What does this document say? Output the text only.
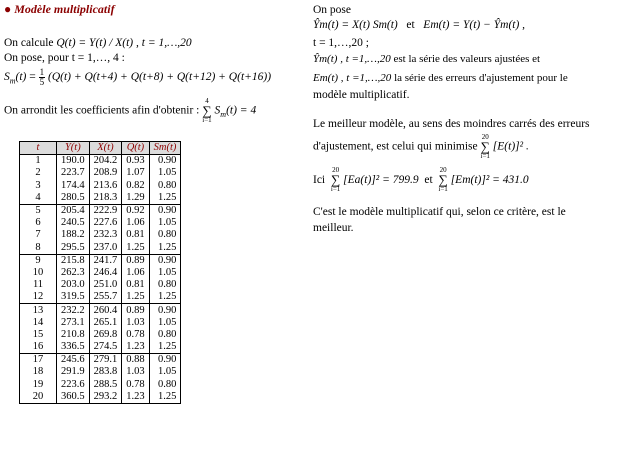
● Modèle multiplicatif
On calcule Q(t) = Y(t) / X(t) , t = 1,…,20
On pose, pour t = 1,…, 4 :
$S_m(t) = \frac{1}{5} (Q(t) + Q(t+4) + Q(t+8) + Q(t+12) + Q(t+16))$
On arrondit les coefficients afin d'obtenir : 4
∑
i=1 $S_m(t) = 4$
t	Y(t)	X(t)	Q(t)	Sm(t)
1	190.0	204.2	0.93	0.90
2	223.7	208.9	1.07	1.05
3	174.4	213.6	0.82	0.80
4	280.5	218.3	1.29	1.25
5	205.4	222.9	0.92	0.90
6	240.5	227.6	1.06	1.05
7	188.2	232.3	0.81	0.80
8	295.5	237.0	1.25	1.25
9	215.8	241.7	0.89	0.90
10	262.3	246.4	1.06	1.05
11	203.0	251.0	0.81	0.80
12	319.5	255.7	1.25	1.25
13	232.2	260.4	0.89	0.90
14	273.1	265.1	1.03	1.05
15	210.8	269.8	0.78	0.80
16	336.5	274.5	1.23	1.25
17	245.6	279.1	0.88	0.90
18	291.9	283.8	1.03	1.05
19	223.6	288.5	0.78	0.80
20	360.5	293.2	1.23	1.25
On pose
Ŷm(t) = X(t) Sm(t) et Em(t) = Y(t) − Ŷm(t) ,
t = 1,…,20 ;
Ŷm(t) , t =1,…,20 est la série des valeurs ajustées et
Em(t) , t =1,…,20 la série des erreurs d'ajustement pour le
modèle multiplicatif.
Le meilleur modèle, au sens des moindres carrés des erreurs
d'ajustement, est celui qui minimise 20
∑
i=1 [E(t)]² .
Ici  20
∑
i=1 [Ea(t)]² = 799.9 et  20
∑
i=1 [Em(t)]² = 431.0
C'est le modèle multiplicatif qui, selon ce critère, est le
meilleur.
